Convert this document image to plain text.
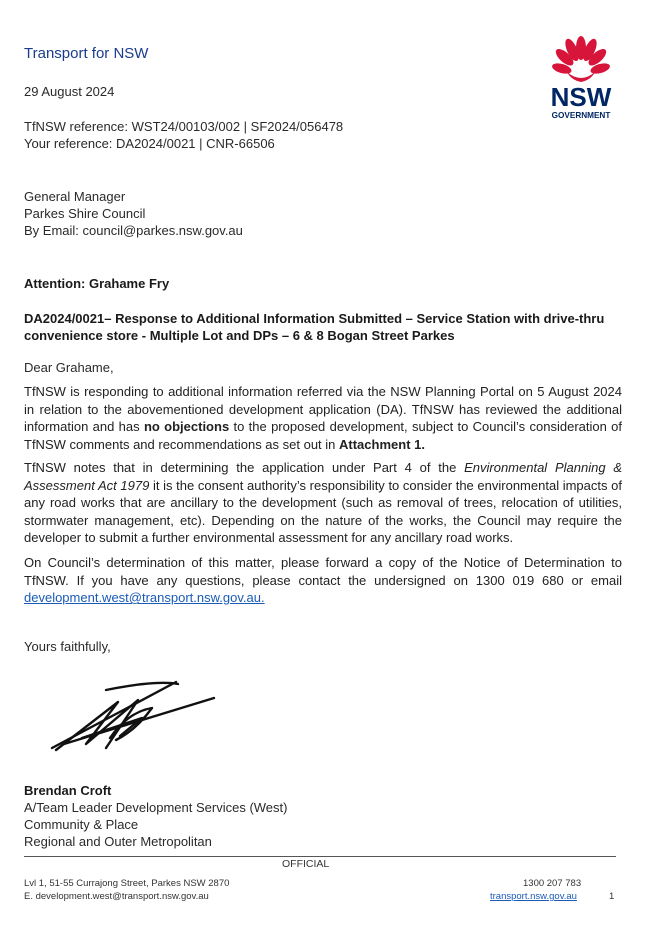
Transport for NSW
NSW
GOVERNMENT
29 August 2024
TfNSW reference: WST24/00103/002 | SF2024/056478
Your reference: DA2024/0021 | CNR-66506
General Manager
Parkes Shire Council
By Email: council@parkes.nsw.gov.au
Attention: Grahame Fry
DA2024/0021– Response to Additional Information Submitted – Service Station with drive-thru
convenience store - Multiple Lot and DPs – 6 & 8 Bogan Street Parkes
Dear Grahame,
TfNSW is responding to additional information referred via the NSW Planning Portal on 5 August 2024 in relation to the abovementioned development application (DA). TfNSW has reviewed the additional information and has no objections to the proposed development, subject to Council’s consideration of TfNSW comments and recommendations as set out in Attachment 1.
TfNSW notes that in determining the application under Part 4 of the Environmental Planning & Assessment Act 1979 it is the consent authority’s responsibility to consider the environmental impacts of any road works that are ancillary to the development (such as removal of trees, relocation of utilities, stormwater management, etc). Depending on the nature of the works, the Council may require the developer to submit a further environmental assessment for any ancillary road works.
On Council’s determination of this matter, please forward a copy of the Notice of Determination to TfNSW. If you have any questions, please contact the undersigned on 1300 019 680 or email development.west@transport.nsw.gov.au.
Yours faithfully,
Brendan Croft
A/Team Leader Development Services (West)
Community & Place
Regional and Outer Metropolitan
OFFICIAL
Lvl 1, 51-55 Currajong Street, Parkes NSW 2870
E. development.west@transport.nsw.gov.au
1300 207 783
transport.nsw.gov.au	1
